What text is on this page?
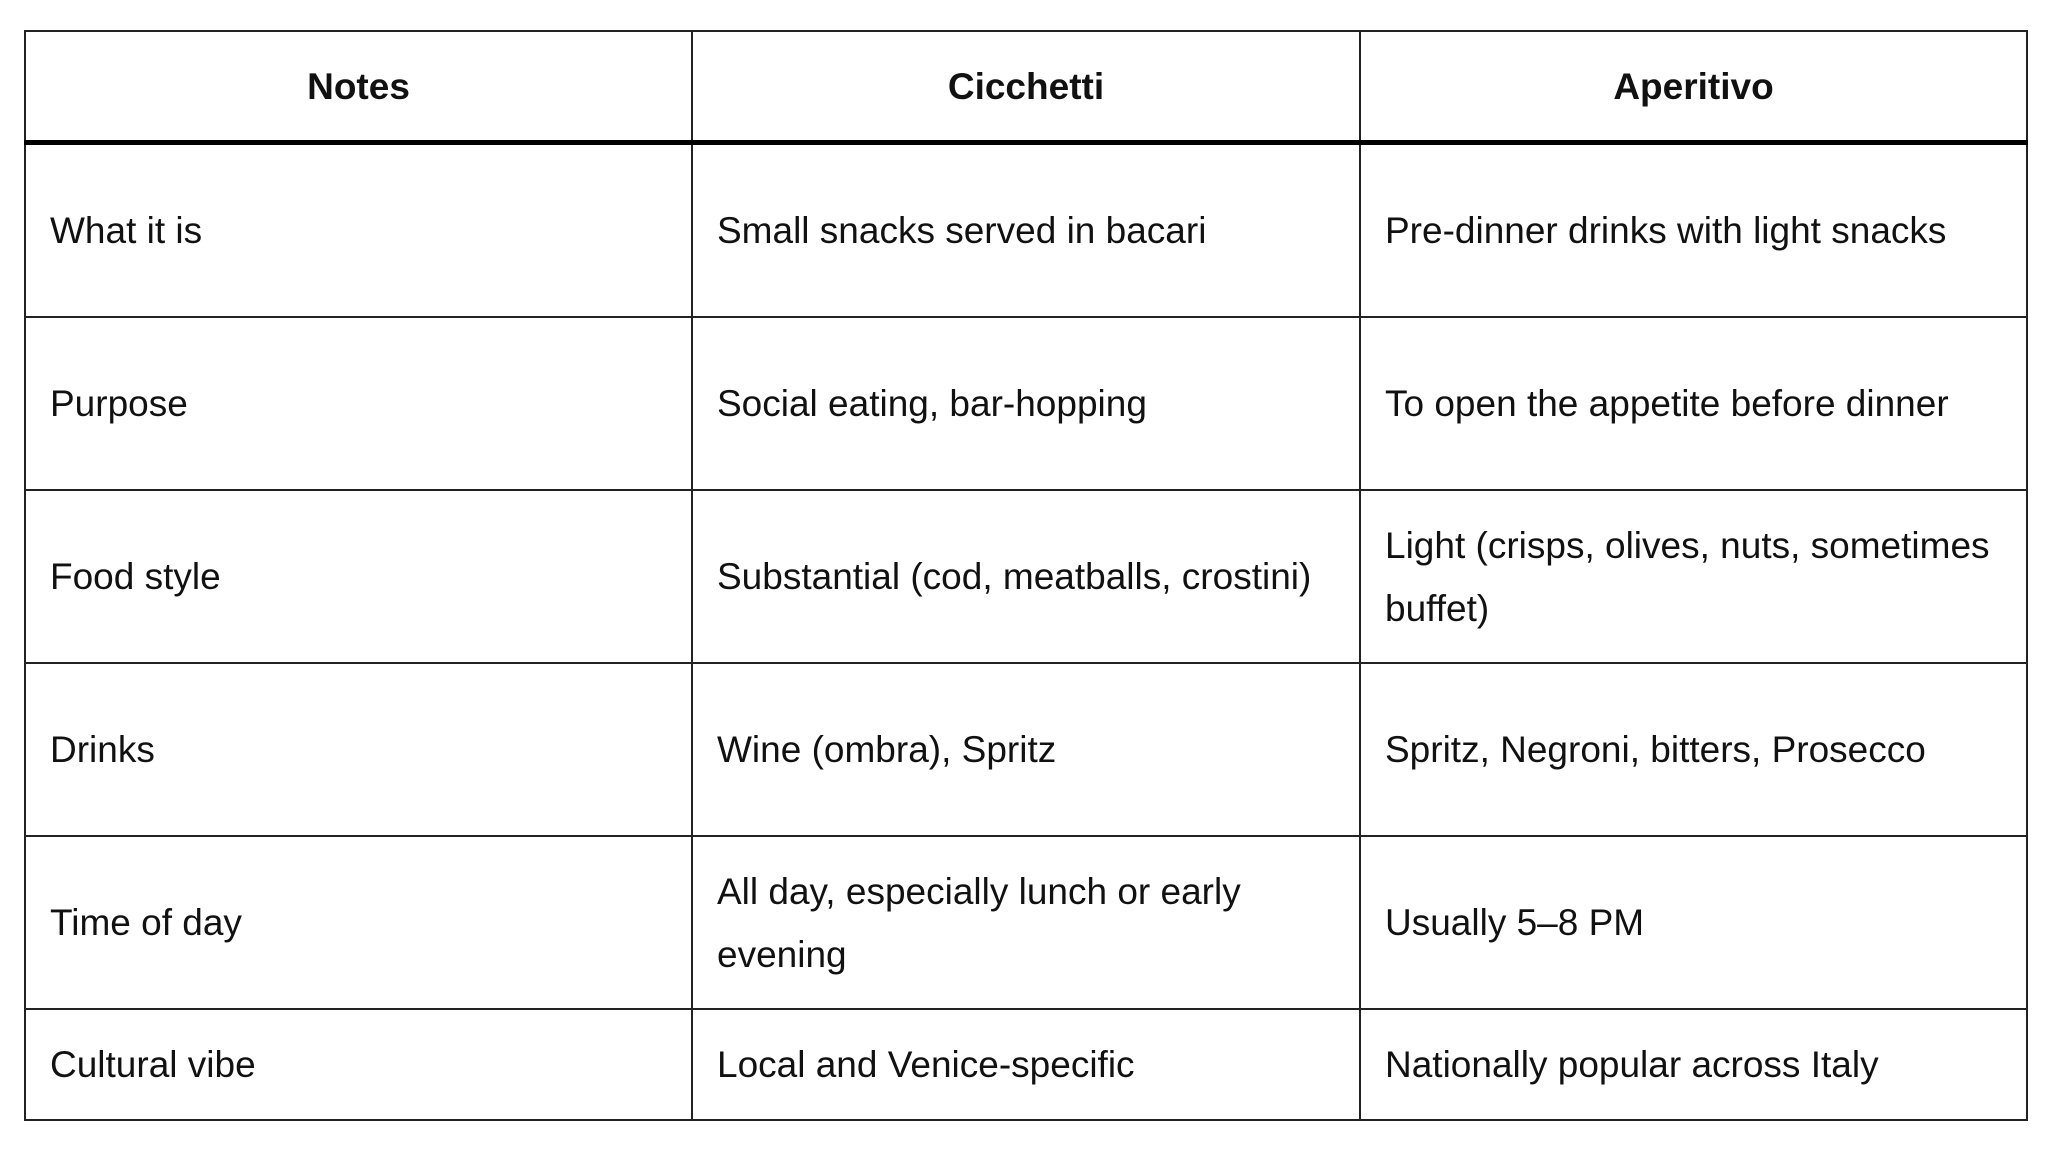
Notes	Cicchetti	Aperitivo
What it is	Small snacks served in bacari	Pre-dinner drinks with light snacks
Purpose	Social eating, bar-hopping	To open the appetite before dinner
Food style	Substantial (cod, meatballs, crostini)	Light (crisps, olives, nuts, sometimes buffet)
Drinks	Wine (ombra), Spritz	Spritz, Negroni, bitters, Prosecco
Time of day	All day, especially lunch or early evening	Usually 5–8 PM
Cultural vibe	Local and Venice-specific	Nationally popular across Italy
